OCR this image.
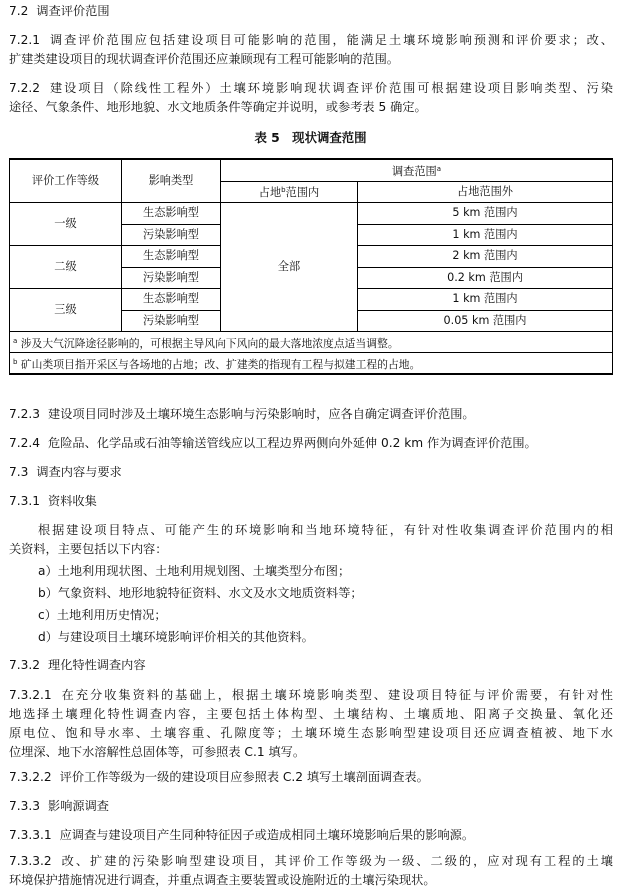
7.2 调查评价范围
7.2.1 调查评价范围应包括建设项目可能影响的范围，能满足土壤环境影响预测和评价要求；改、
扩建类建设项目的现状调查评价范围还应兼顾现有工程可能影响的范围。
7.2.2 建设项目（除线性工程外）土壤环境影响现状调查评价范围可根据建设项目影响类型、污染
途径、气象条件、地形地貌、水文地质条件等确定并说明，或参考表 5 确定。
表 5　现状调查范围
评价工作等级	影响类型	调查范围$^a$
		占地$^b$范围内	占地范围外
一级	生态影响型	全部	5 km 范围内
	污染影响型		1 km 范围内
二级	生态影响型		2 km 范围内
	污染影响型		0.2 km 范围内
三级	生态影响型		1 km 范围内
	污染影响型		0.05 km 范围内
$^a$ 涉及大气沉降途径影响的，可根据主导风向下风向的最大落地浓度点适当调整。			
$^b$ 矿山类项目指开采区与各场地的占地；改、扩建类的指现有工程与拟建工程的占地。			
7.2.3 建设项目同时涉及土壤环境生态影响与污染影响时，应各自确定调查评价范围。
7.2.4 危险品、化学品或石油等输送管线应以工程边界两侧向外延伸 0.2 km 作为调查评价范围。
7.3 调查内容与要求
7.3.1 资料收集
根据建设项目特点、可能产生的环境影响和当地环境特征，有针对性收集调查评价范围内的相
关资料，主要包括以下内容：
a）土地利用现状图、土地利用规划图、土壤类型分布图；
b）气象资料、地形地貌特征资料、水文及水文地质资料等；
c）土地利用历史情况；
d）与建设项目土壤环境影响评价相关的其他资料。
7.3.2 理化特性调查内容
7.3.2.1 在充分收集资料的基础上，根据土壤环境影响类型、建设项目特征与评价需要，有针对性
地选择土壤理化特性调查内容，主要包括土体构型、土壤结构、土壤质地、阳离子交换量、氧化还
原电位、饱和导水率、土壤容重、孔隙度等；土壤环境生态影响型建设项目还应调查植被、地下水
位埋深、地下水溶解性总固体等，可参照表 C.1 填写。
7.3.2.2 评价工作等级为一级的建设项目应参照表 C.2 填写土壤剖面调查表。
7.3.3 影响源调查
7.3.3.1 应调查与建设项目产生同种特征因子或造成相同土壤环境影响后果的影响源。
7.3.3.2 改、扩建的污染影响型建设项目，其评价工作等级为一级、二级的，应对现有工程的土壤
环境保护措施情况进行调查，并重点调查主要装置或设施附近的土壤污染现状。
